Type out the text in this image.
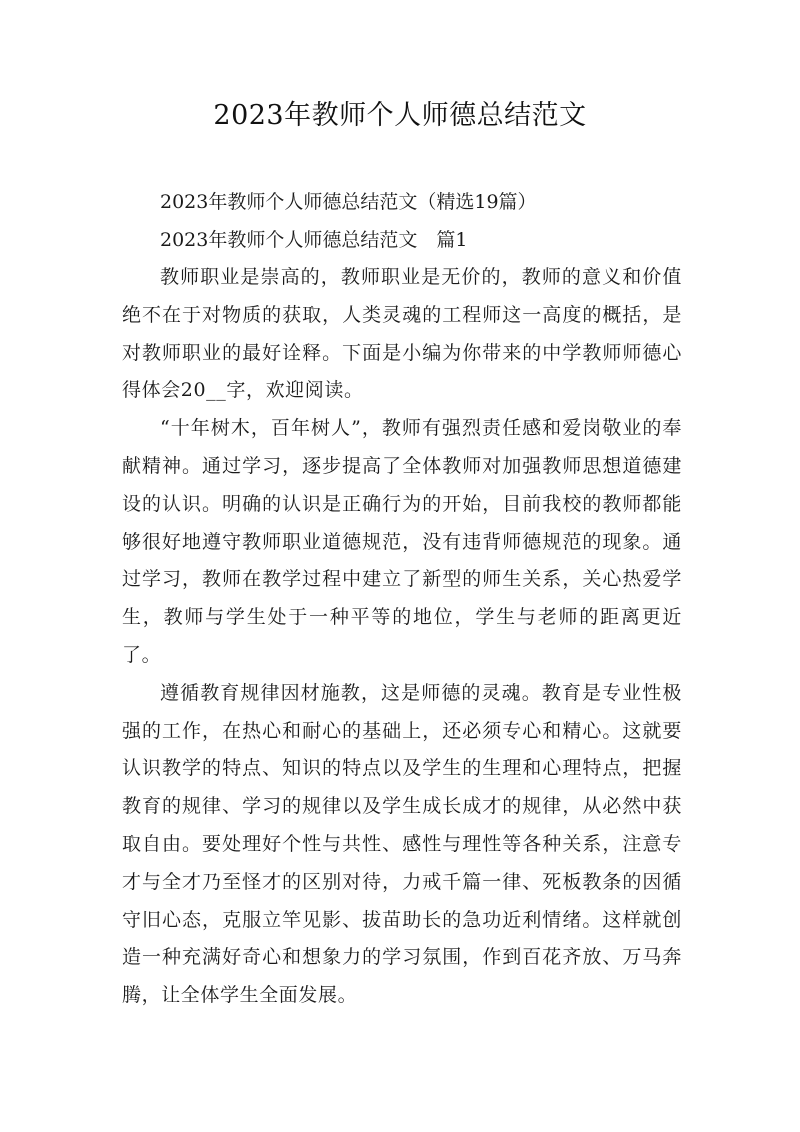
2023年教师个人师德总结范文

2023年教师个人师德总结范文（精选19篇）

2023年教师个人师德总结范文　篇1

教师职业是崇高的，教师职业是无价的，教师的意义和价值绝不在于对物质的获取，人类灵魂的工程师这一高度的概括，是对教师职业的最好诠释。下面是小编为你带来的中学教师师德心得体会20__字，欢迎阅读。

“十年树木，百年树人”，教师有强烈责任感和爱岗敬业的奉献精神。通过学习，逐步提高了全体教师对加强教师思想道德建设的认识。明确的认识是正确行为的开始，目前我校的教师都能够很好地遵守教师职业道德规范，没有违背师德规范的现象。通过学习，教师在教学过程中建立了新型的师生关系，关心热爱学生，教师与学生处于一种平等的地位，学生与老师的距离更近了。

遵循教育规律因材施教，这是师德的灵魂。教育是专业性极强的工作，在热心和耐心的基础上，还必须专心和精心。这就要认识教学的特点、知识的特点以及学生的生理和心理特点，把握教育的规律、学习的规律以及学生成长成才的规律，从必然中获取自由。要处理好个性与共性、感性与理性等各种关系，注意专才与全才乃至怪才的区别对待，力戒千篇一律、死板教条的因循守旧心态，克服立竿见影、拔苗助长的急功近利情绪。这样就创造一种充满好奇心和想象力的学习氛围，作到百花齐放、万马奔腾，让全体学生全面发展。
